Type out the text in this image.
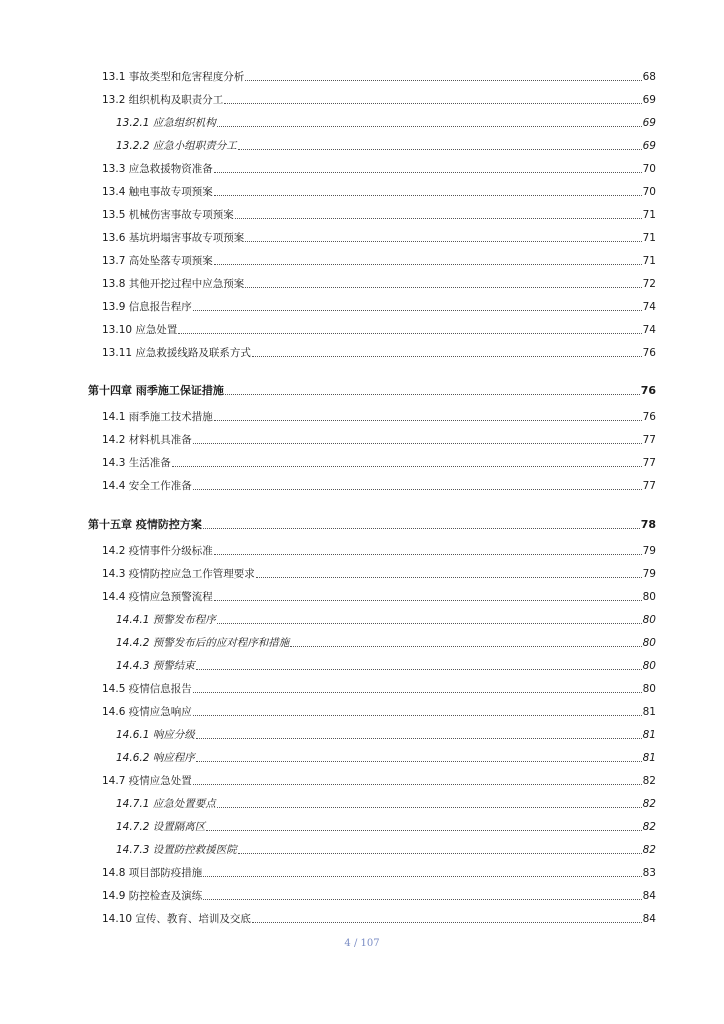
13.1 事故类型和危害程度分析	68
13.2 组织机构及职责分工	69
13.2.1 应急组织机构	69
13.2.2 应急小组职责分工	69
13.3 应急救援物资准备	70
13.4 触电事故专项预案	70
13.5 机械伤害事故专项预案	71
13.6 基坑坍塌害事故专项预案	71
13.7 高处坠落专项预案	71
13.8 其他开挖过程中应急预案	72
13.9 信息报告程序	74
13.10 应急处置	74
13.11 应急救援线路及联系方式	76
第十四章 雨季施工保证措施	76
14.1 雨季施工技术措施	76
14.2 材料机具准备	77
14.3 生活准备	77
14.4 安全工作准备	77
第十五章 疫情防控方案	78
14.2 疫情事件分级标准	79
14.3 疫情防控应急工作管理要求	79
14.4 疫情应急预警流程	80
14.4.1 预警发布程序	80
14.4.2 预警发布后的应对程序和措施	80
14.4.3 预警结束	80
14.5 疫情信息报告	80
14.6 疫情应急响应	81
14.6.1 响应分级	81
14.6.2 响应程序	81
14.7 疫情应急处置	82
14.7.1 应急处置要点	82
14.7.2 设置隔离区	82
14.7.3 设置防控救援医院	82
14.8 项目部防疫措施	83
14.9 防控检查及演练	84
14.10 宣传、教育、培训及交底	84
4 / 107
